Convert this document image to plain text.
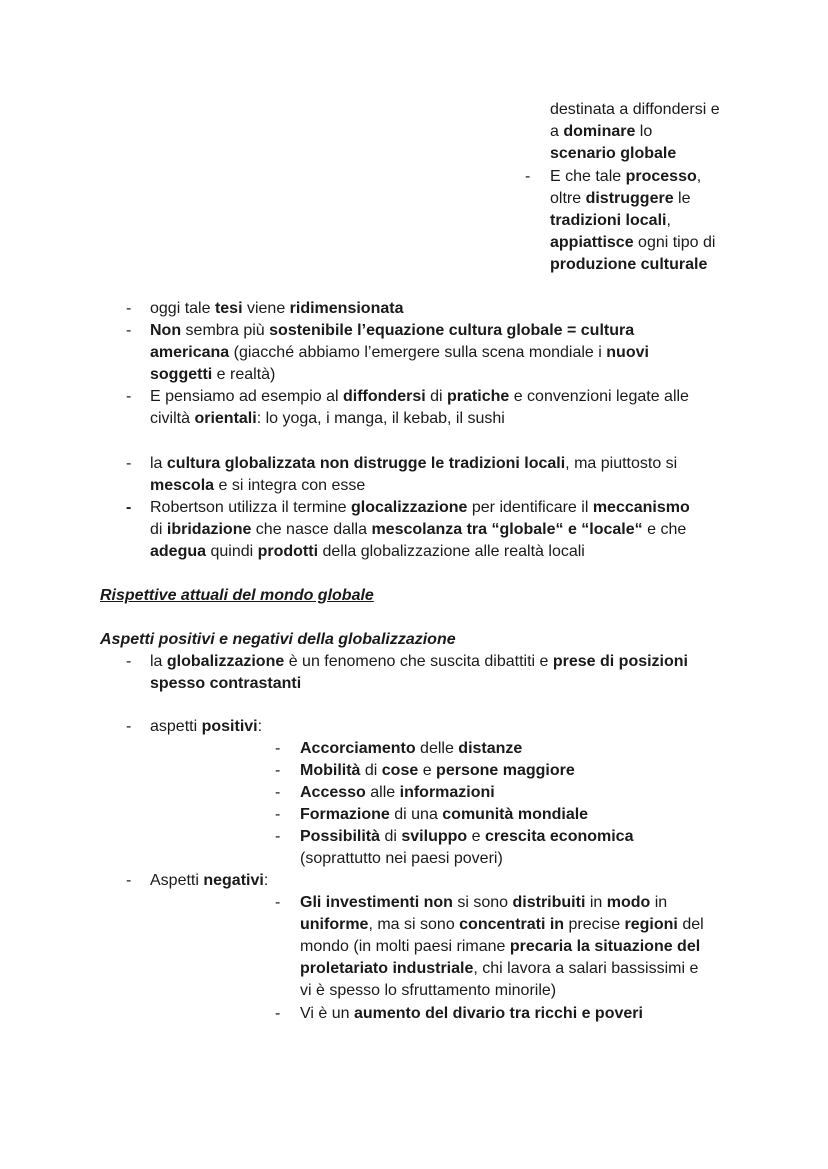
destinata a diffondersi e
a dominare lo
scenario globale
- E che tale processo,
oltre distruggere le
tradizioni locali,
appiattisce ogni tipo di
produzione culturale
- oggi tale tesi viene ridimensionata
- Non sembra più sostenibile l’equazione cultura globale = cultura
americana (giacché abbiamo l’emergere sulla scena mondiale i nuovi
soggetti e realtà)
- E pensiamo ad esempio al diffondersi di pratiche e convenzioni legate alle
civiltà orientali: lo yoga, i manga, il kebab, il sushi
- la cultura globalizzata non distrugge le tradizioni locali, ma piuttosto si
mescola e si integra con esse
- Robertson utilizza il termine glocalizzazione per identificare il meccanismo
di ibridazione che nasce dalla mescolanza tra “globale“ e “locale“ e che
adegua quindi prodotti della globalizzazione alle realtà locali
Rispettive attuali del mondo globale
Aspetti positivi e negativi della globalizzazione
- la globalizzazione è un fenomeno che suscita dibattiti e prese di posizioni
spesso contrastanti
- aspetti positivi:
- Accorciamento delle distanze
- Mobilità di cose e persone maggiore
- Accesso alle informazioni
- Formazione di una comunità mondiale
- Possibilità di sviluppo e crescita economica
(soprattutto nei paesi poveri)
- Aspetti negativi:
- Gli investimenti non si sono distribuiti in modo in
uniforme, ma si sono concentrati in precise regioni del
mondo (in molti paesi rimane precaria la situazione del
proletariato industriale, chi lavora a salari bassissimi e
vi è spesso lo sfruttamento minorile)
- Vi è un aumento del divario tra ricchi e poveri
